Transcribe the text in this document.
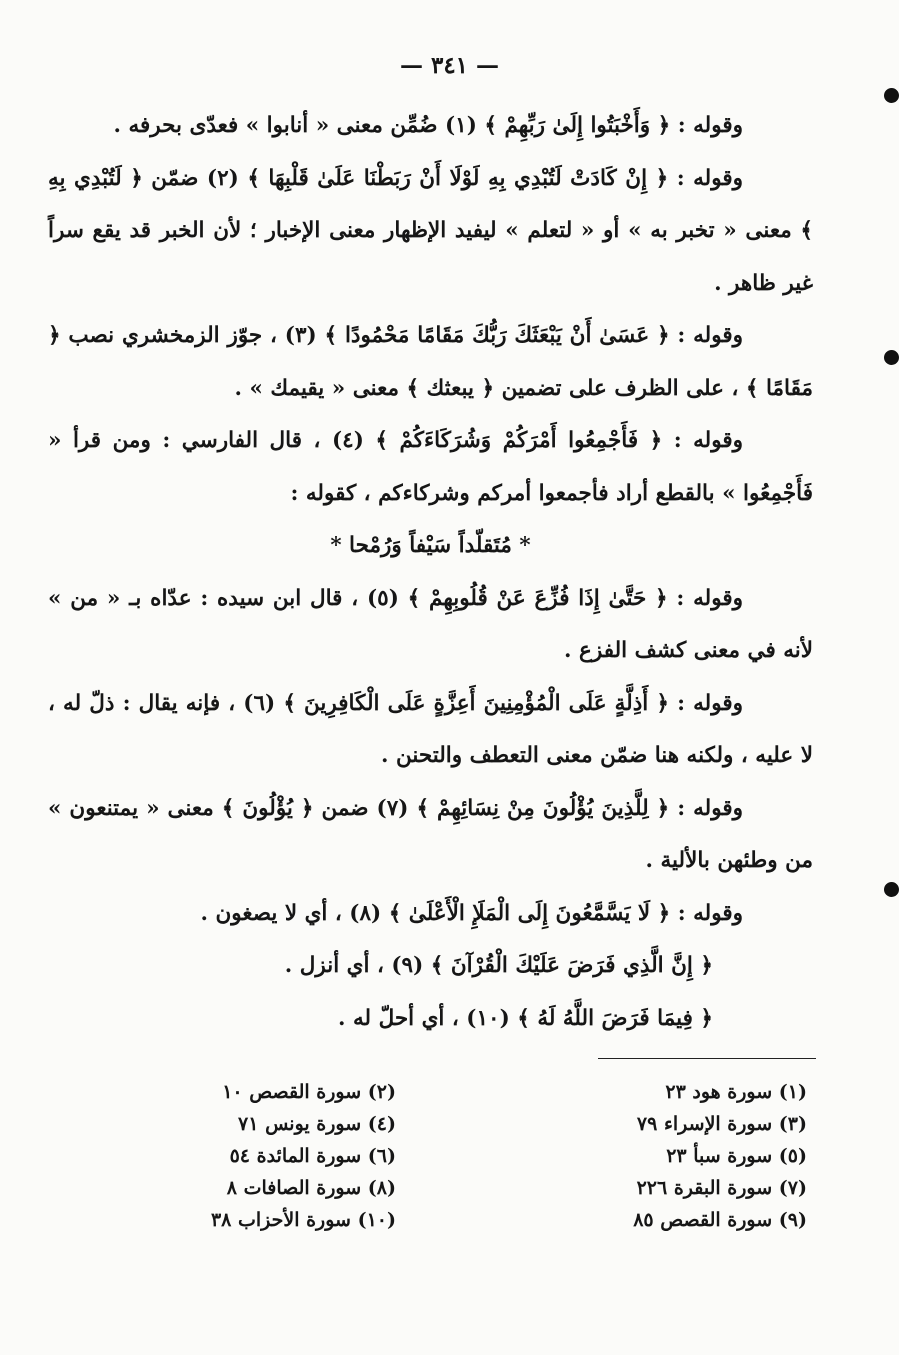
— ٣٤١ —

وقوله : ﴿ وَأَخْبَتُوا إِلَىٰ رَبِّهِمْ ﴾ (١) ضُمِّن معنى « أنابوا » فعدّى بحرفه .

وقوله : ﴿ إِنْ كَادَتْ لَتُبْدِي بِهِ لَوْلَا أَنْ رَبَطْنَا عَلَىٰ قَلْبِهَا ﴾ (٢) ضمّن ﴿ لَتُبْدِي بِهِ ﴾ معنى « تخبر به » أو « لتعلم » ليفيد الإظهار معنى الإخبار ؛ لأن الخبر قد يقع سراً غير ظاهر .

وقوله : ﴿ عَسَىٰ أَنْ يَبْعَثَكَ رَبُّكَ مَقَامًا مَحْمُودًا ﴾ (٣) ، جوّز الزمخشري نصب ﴿ مَقَامًا ﴾ ، على الظرف على تضمين ﴿ يبعثك ﴾ معنى « يقيمك » .

وقوله : ﴿ فَأَجْمِعُوا أَمْرَكُمْ وَشُرَكَاءَكُمْ ﴾ (٤) ، قال الفارسي : ومن قرأ « فَأَجْمِعُوا » بالقطع أراد فأجمعوا أمركم وشركاءكم ، كقوله :

* مُتَقلّداً سَيْفاً وَرُمْحا *

وقوله : ﴿ حَتَّىٰ إِذَا فُزِّعَ عَنْ قُلُوبِهِمْ ﴾ (٥) ، قال ابن سيده : عدّاه بـ « من » لأنه في معنى كشف الفزع .

وقوله : ﴿ أَذِلَّةٍ عَلَى الْمُؤْمِنِينَ أَعِزَّةٍ عَلَى الْكَافِرِينَ ﴾ (٦) ، فإنه يقال : ذلّ له ، لا عليه ، ولكنه هنا ضمّن معنى التعطف والتحنن .

وقوله : ﴿ لِلَّذِينَ يُؤْلُونَ مِنْ نِسَائِهِمْ ﴾ (٧) ضمن ﴿ يُؤْلُونَ ﴾ معنى « يمتنعون » من وطئهن بالألية .

وقوله : ﴿ لَا يَسَّمَّعُونَ إِلَى الْمَلَإِ الْأَعْلَىٰ ﴾ (٨) ، أي لا يصغون .

﴿ إِنَّ الَّذِي فَرَضَ عَلَيْكَ الْقُرْآنَ ﴾ (٩) ، أي أنزل .

﴿ فِيمَا فَرَضَ اللَّهُ لَهُ ﴾ (١٠) ، أي أحلّ له .

(١) سورة هود ٢٣
(٣) سورة الإسراء ٧٩
(٥) سورة سبأ ٢٣
(٧) سورة البقرة ٢٢٦
(٩) سورة القصص ٨٥
(٢) سورة القصص ١٠
(٤) سورة يونس ٧١
(٦) سورة المائدة ٥٤
(٨) سورة الصافات ٨
(١٠) سورة الأحزاب ٣٨
